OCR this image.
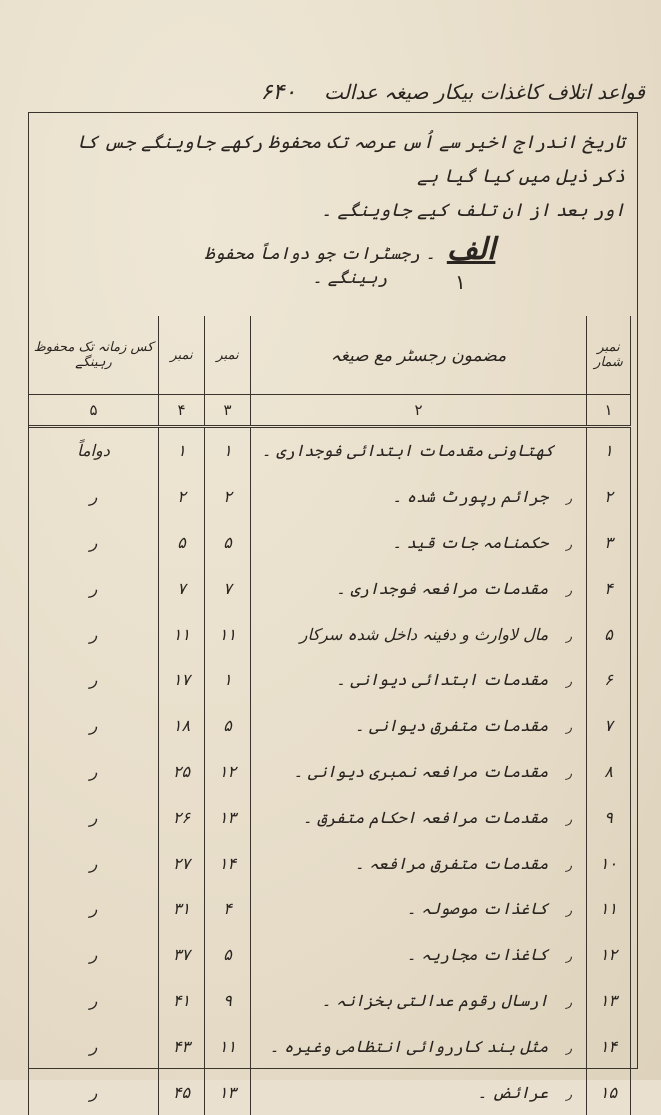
قواعد اتلاف کاغذات بیکار صیغہ عدالت
۶۴۰
تاریخ اندراج اخیر سے اُس عرصہ تک محفوظ رکھے جاوینگے جس کا ذکر ذیل میں کیا گیا ہے
اور بعد از ان تلف کیے جاوینگے ۔
الف ۔ رجسٹرات جو دواماً محفوظ رہینگے ۔	۱
نمبر شمار	مضمون رجسٹر مع صیغہ	نمبر	نمبر	کس زمانہ تک محفوظ رہینگے
۱	۲	۳	۴	۵
۱	کھتاونی مقدمات ابتدائی فوجداری ۔	۱	۱	دواماً
۲	رجرائم رپورٹ شدہ ۔	۲	۲	ر
۳	رحکمنامہ جات قید ۔	۵	۵	ر
۴	رمقدمات مرافعہ فوجداری ۔	۷	۷	ر
۵	رمال لاوارث و دفینہ داخل شدہ سرکار	۱۱	۱۱	ر
۶	رمقدمات ابتدائی دیوانی ۔	۱	۱۷	ر
۷	رمقدمات متفرق دیوانی ۔	۵	۱۸	ر
۸	رمقدمات مرافعہ نمبری دیوانی ۔	۱۲	۲۵	ر
۹	رمقدمات مرافعہ احکام متفرق ۔	۱۳	۲۶	ر
۱۰	رمقدمات متفرق مرافعہ ۔	۱۴	۲۷	ر
۱۱	رکاغذات موصولہ ۔	۴	۳۱	ر
۱۲	رکاغذات مجاریہ ۔	۵	۳۷	ر
۱۳	رارسال رقوم عدالتی بخزانہ ۔	۹	۴۱	ر
۱۴	رمثل بند کارروائی انتظامی وغیرہ ۔	۱۱	۴۳	ر
۱۵	رعرائض ۔	۱۳	۴۵	ر
